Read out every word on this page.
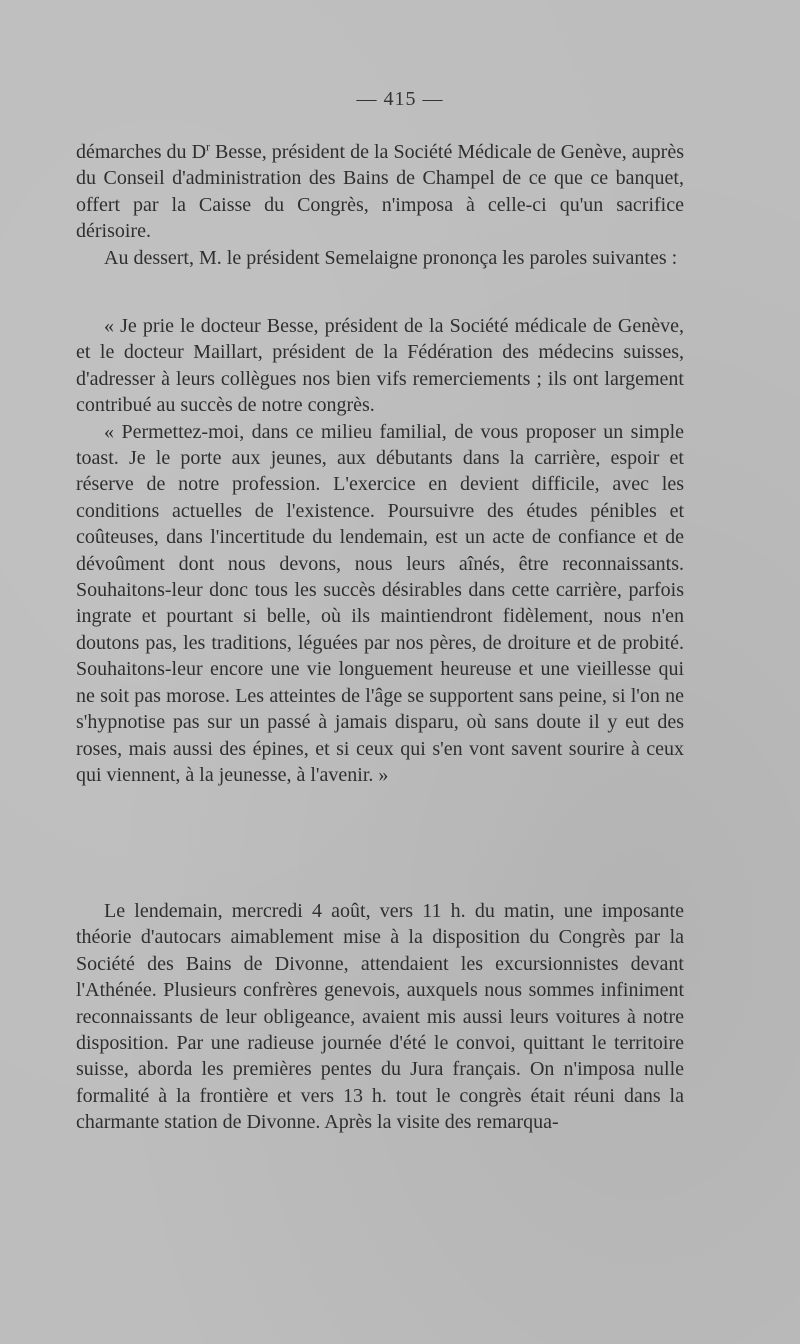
— 415 —

démarches du $D^r$ Besse, président de la Société Médicale de Genève, auprès du Conseil d'administration des Bains de Champel de ce que ce banquet, offert par la Caisse du Congrès, n'imposa à celle-ci qu'un sacrifice dérisoire.

Au dessert, M. le président Semelaigne prononça les paroles suivantes :

« Je prie le docteur Besse, président de la Société médicale de Genève, et le docteur Maillart, président de la Fédération des médecins suisses, d'adresser à leurs collègues nos bien vifs remerciements ; ils ont largement contribué au succès de notre congrès.

« Permettez-moi, dans ce milieu familial, de vous proposer un simple toast. Je le porte aux jeunes, aux débutants dans la carrière, espoir et réserve de notre profession. L'exercice en devient difficile, avec les conditions actuelles de l'existence. Poursuivre des études pénibles et coûteuses, dans l'incertitude du lendemain, est un acte de confiance et de dévoûment dont nous devons, nous leurs aînés, être reconnaissants. Souhaitons-leur donc tous les succès désirables dans cette carrière, parfois ingrate et pourtant si belle, où ils maintiendront fidèlement, nous n'en doutons pas, les traditions, léguées par nos pères, de droiture et de probité. Souhaitons-leur encore une vie longuement heureuse et une vieillesse qui ne soit pas morose. Les atteintes de l'âge se supportent sans peine, si l'on ne s'hypnotise pas sur un passé à jamais disparu, où sans doute il y eut des roses, mais aussi des épines, et si ceux qui s'en vont savent sourire à ceux qui viennent, à la jeunesse, à l'avenir. »

Le lendemain, mercredi 4 août, vers 11 h. du matin, une imposante théorie d'autocars aimablement mise à la disposition du Congrès par la Société des Bains de Divonne, attendaient les excursionnistes devant l'Athénée. Plusieurs confrères genevois, auxquels nous sommes infiniment reconnaissants de leur obligeance, avaient mis aussi leurs voitures à notre disposition. Par une radieuse journée d'été le convoi, quittant le territoire suisse, aborda les premières pentes du Jura français. On n'imposa nulle formalité à la frontière et vers 13 h. tout le congrès était réuni dans la charmante station de Divonne. Après la visite des remarqua-
